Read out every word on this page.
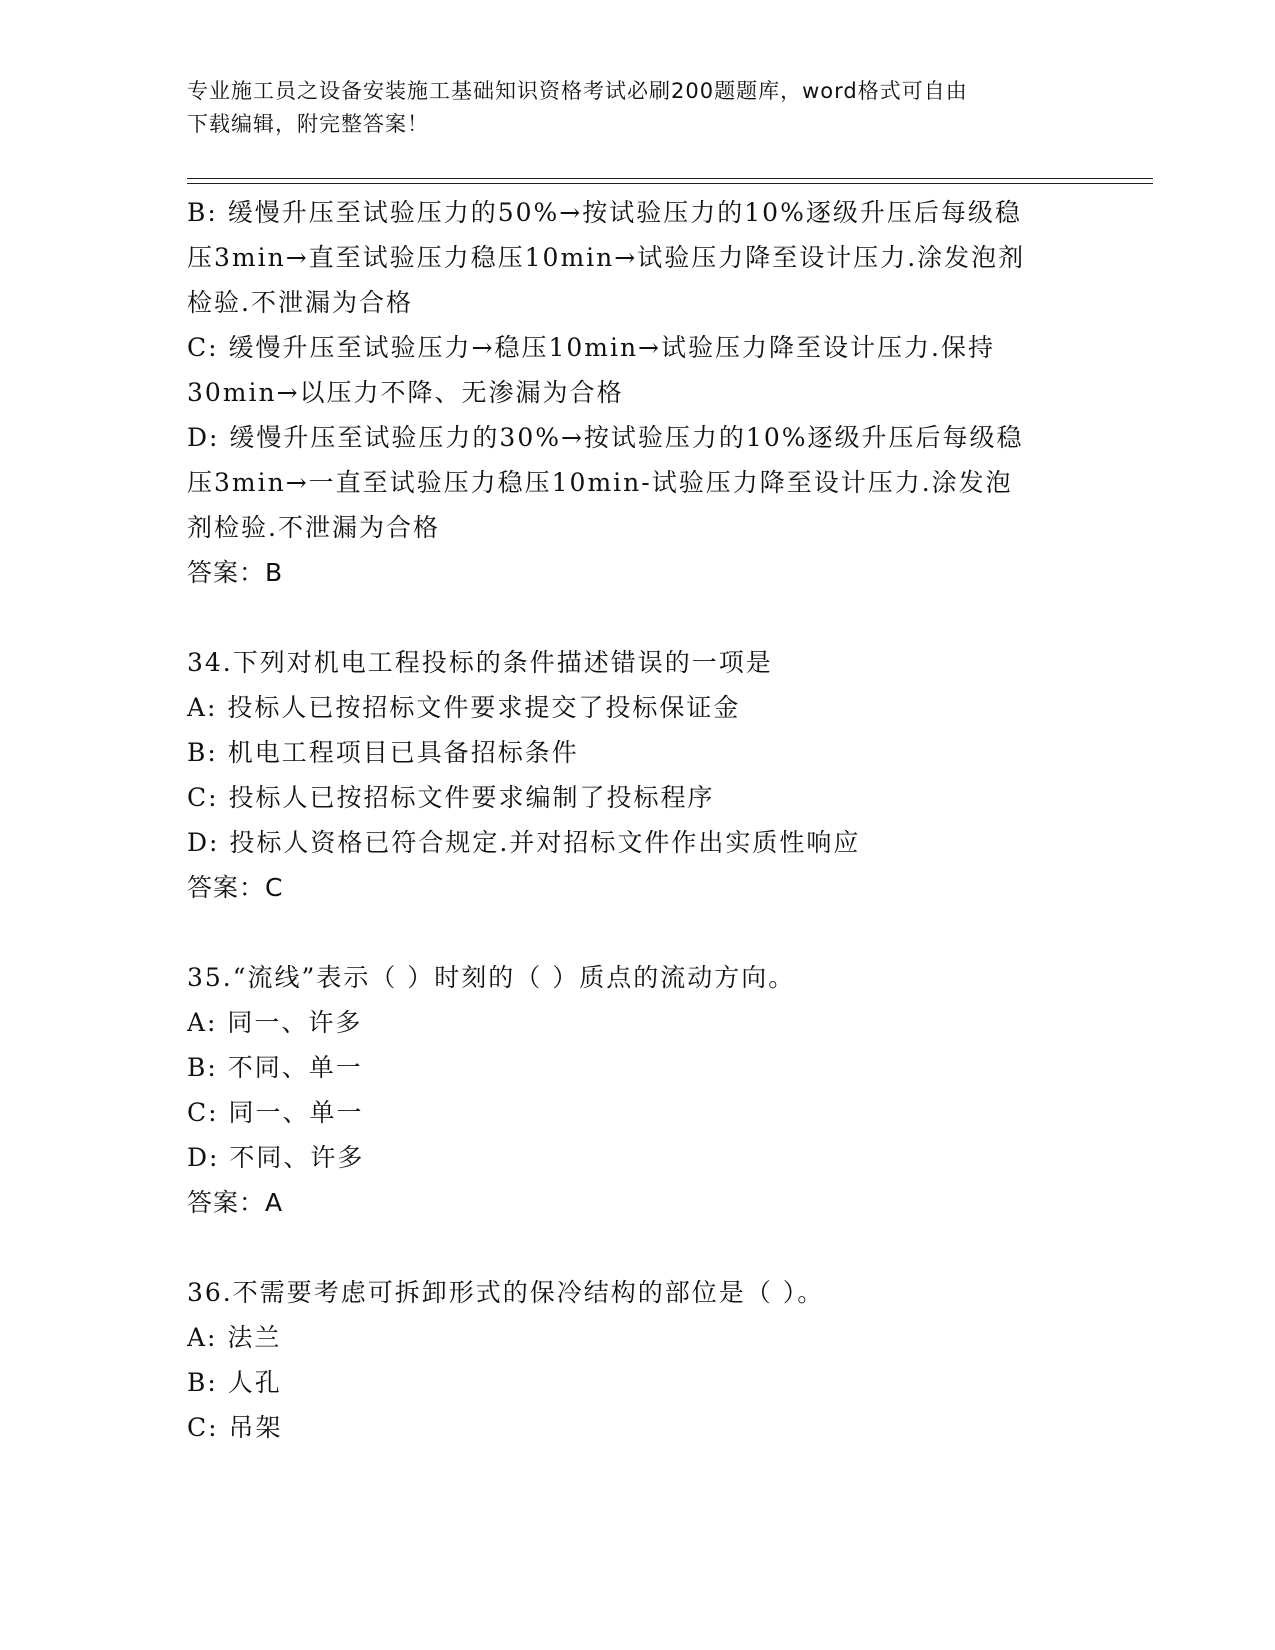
专业施工员之设备安装施工基础知识资格考试必刷200题题库，word格式可自由
下载编辑，附完整答案！
B: 缓慢升压至试验压力的50%→按试验压力的10%逐级升压后每级稳
压3min→直至试验压力稳压10min→试验压力降至设计压力.涂发泡剂
检验.不泄漏为合格
C: 缓慢升压至试验压力→稳压10min→试验压力降至设计压力.保持
30min→以压力不降、无渗漏为合格
D: 缓慢升压至试验压力的30%→按试验压力的10%逐级升压后每级稳
压3min→一直至试验压力稳压10min-试验压力降至设计压力.涂发泡
剂检验.不泄漏为合格
答案：B
34.下列对机电工程投标的条件描述错误的一项是
A: 投标人已按招标文件要求提交了投标保证金
B: 机电工程项目已具备招标条件
C: 投标人已按招标文件要求编制了投标程序
D: 投标人资格已符合规定.并对招标文件作出实质性响应
答案：C
35.“流线”表示（ ）时刻的（ ）质点的流动方向。
A: 同一、许多
B: 不同、单一
C: 同一、单一
D: 不同、许多
答案：A
36.不需要考虑可拆卸形式的保冷结构的部位是（ ）。
A: 法兰
B: 人孔
C: 吊架
